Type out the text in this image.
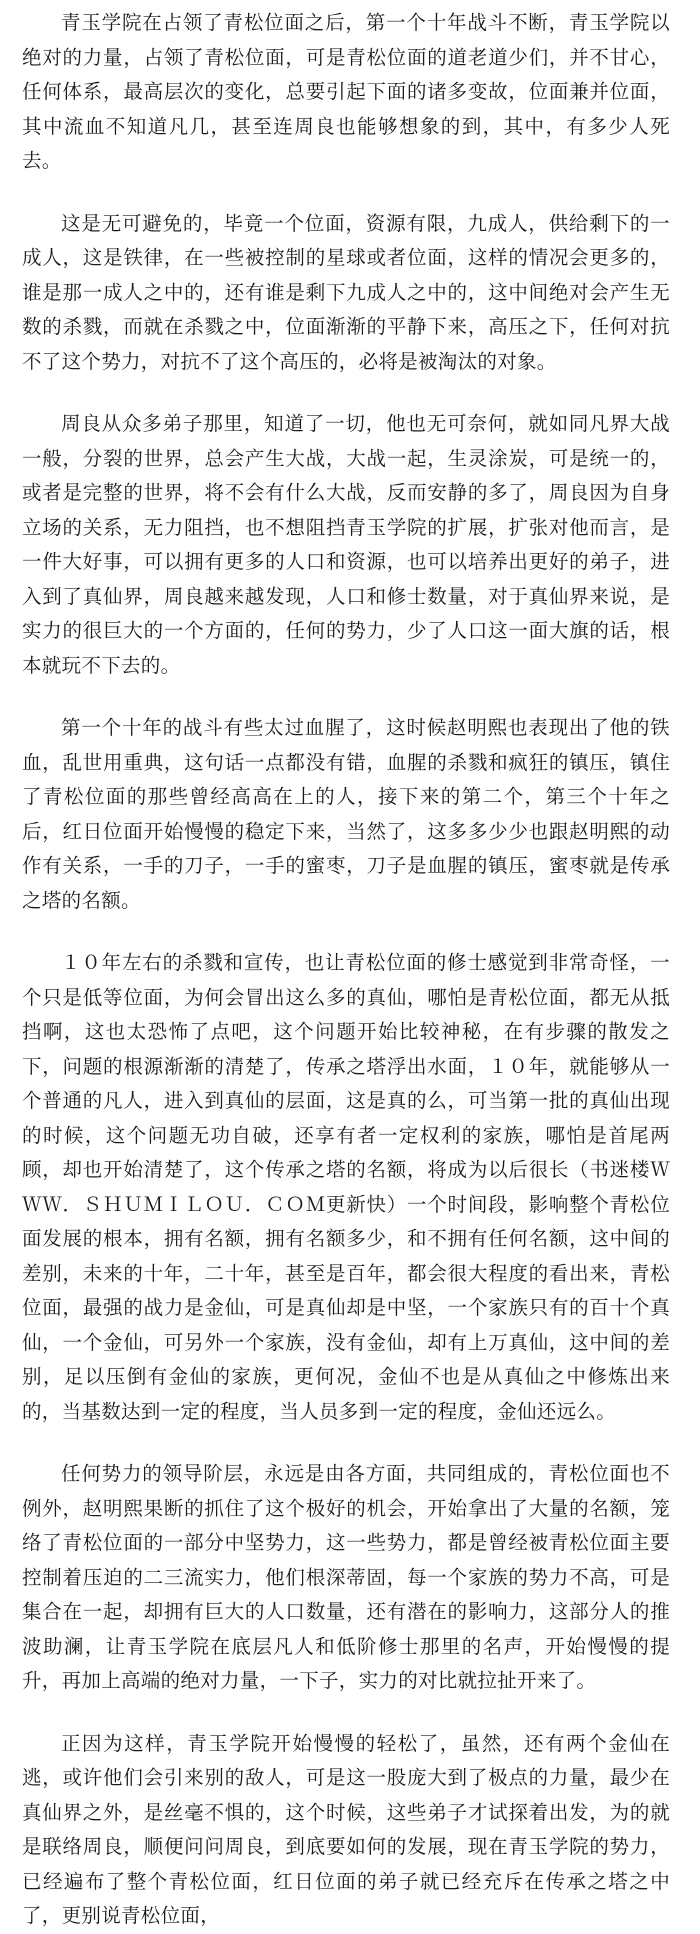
青玉学院在占领了青松位面之后，第一个十年战斗不断，青玉学院以绝对的力量，占领了青松位面，可是青松位面的道老道少们，并不甘心，任何体系，最高层次的变化，总要引起下面的诸多变故，位面兼并位面，其中流血不知道凡几，甚至连周良也能够想象的到，其中，有多少人死去。

这是无可避免的，毕竟一个位面，资源有限，九成人，供给剩下的一成人，这是铁律，在一些被控制的星球或者位面，这样的情况会更多的，谁是那一成人之中的，还有谁是剩下九成人之中的，这中间绝对会产生无数的杀戮，而就在杀戮之中，位面渐渐的平静下来，高压之下，任何对抗不了这个势力，对抗不了这个高压的，必将是被淘汰的对象。

周良从众多弟子那里，知道了一切，他也无可奈何，就如同凡界大战一般，分裂的世界，总会产生大战，大战一起，生灵涂炭，可是统一的，或者是完整的世界，将不会有什么大战，反而安静的多了，周良因为自身立场的关系，无力阻挡，也不想阻挡青玉学院的扩展，扩张对他而言，是一件大好事，可以拥有更多的人口和资源，也可以培养出更好的弟子，进入到了真仙界，周良越来越发现，人口和修士数量，对于真仙界来说，是实力的很巨大的一个方面的，任何的势力，少了人口这一面大旗的话，根本就玩不下去的。

第一个十年的战斗有些太过血腥了，这时候赵明熙也表现出了他的铁血，乱世用重典，这句话一点都没有错，血腥的杀戮和疯狂的镇压，镇住了青松位面的那些曾经高高在上的人，接下来的第二个，第三个十年之后，红日位面开始慢慢的稳定下来，当然了，这多多少少也跟赵明熙的动作有关系，一手的刀子，一手的蜜枣，刀子是血腥的镇压，蜜枣就是传承之塔的名额。

１０年左右的杀戮和宣传，也让青松位面的修士感觉到非常奇怪，一个只是低等位面，为何会冒出这么多的真仙，哪怕是青松位面，都无从抵挡啊，这也太恐怖了点吧，这个问题开始比较神秘，在有步骤的散发之下，问题的根源渐渐的清楚了，传承之塔浮出水面，１０年，就能够从一个普通的凡人，进入到真仙的层面，这是真的么，可当第一批的真仙出现的时候，这个问题无功自破，还享有者一定权利的家族，哪怕是首尾两顾，却也开始清楚了，这个传承之塔的名额，将成为以后很长（书迷楼ＷＷＷ．ＳＨＵＭＩＬＯＵ．ＣＯＭ更新快）一个时间段，影响整个青松位面发展的根本，拥有名额，拥有名额多少，和不拥有任何名额，这中间的差别，未来的十年，二十年，甚至是百年，都会很大程度的看出来，青松位面，最强的战力是金仙，可是真仙却是中坚，一个家族只有的百十个真仙，一个金仙，可另外一个家族，没有金仙，却有上万真仙，这中间的差别，足以压倒有金仙的家族，更何况，金仙不也是从真仙之中修炼出来的，当基数达到一定的程度，当人员多到一定的程度，金仙还远么。

任何势力的领导阶层，永远是由各方面，共同组成的，青松位面也不例外，赵明熙果断的抓住了这个极好的机会，开始拿出了大量的名额，笼络了青松位面的一部分中坚势力，这一些势力，都是曾经被青松位面主要控制着压迫的二三流实力，他们根深蒂固，每一个家族的势力不高，可是集合在一起，却拥有巨大的人口数量，还有潜在的影响力，这部分人的推波助澜，让青玉学院在底层凡人和低阶修士那里的名声，开始慢慢的提升，再加上高端的绝对力量，一下子，实力的对比就拉扯开来了。

正因为这样，青玉学院开始慢慢的轻松了，虽然，还有两个金仙在逃，或许他们会引来别的敌人，可是这一股庞大到了极点的力量，最少在真仙界之外，是丝毫不惧的，这个时候，这些弟子才试探着出发，为的就是联络周良，顺便问问周良，到底要如何的发展，现在青玉学院的势力，已经遍布了整个青松位面，红日位面的弟子就已经充斥在传承之塔之中了，更别说青松位面，
